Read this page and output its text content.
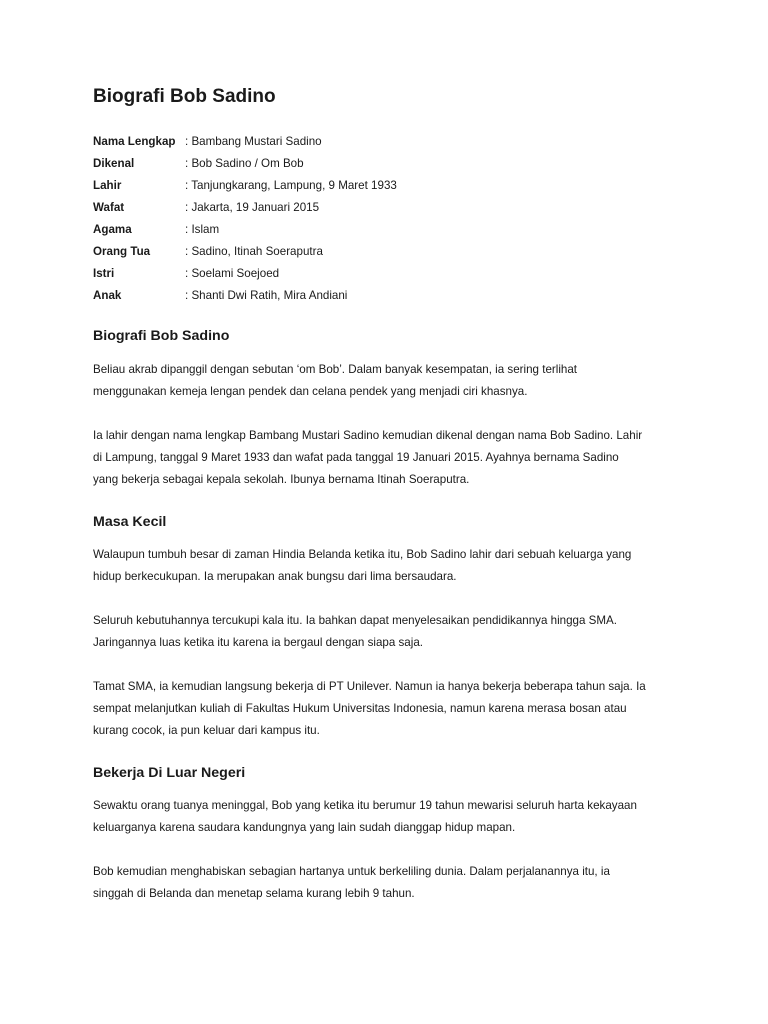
Biografi Bob Sadino
Nama Lengkap : Bambang Mustari Sadino
Dikenal	: Bob Sadino / Om Bob
Lahir	: Tanjungkarang, Lampung, 9 Maret 1933
Wafat	: Jakarta, 19 Januari 2015
Agama	: Islam
Orang Tua	: Sadino, Itinah Soeraputra
Istri	: Soelami Soejoed
Anak	: Shanti Dwi Ratih, Mira Andiani
Biografi Bob Sadino

Beliau akrab dipanggil dengan sebutan ‘om Bob’. Dalam banyak kesempatan, ia sering terlihat
menggunakan kemeja lengan pendek dan celana pendek yang menjadi ciri khasnya.

Ia lahir dengan nama lengkap Bambang Mustari Sadino kemudian dikenal dengan nama Bob Sadino. Lahir
di Lampung, tanggal 9 Maret 1933 dan wafat pada tanggal 19 Januari 2015. Ayahnya bernama Sadino
yang bekerja sebagai kepala sekolah. Ibunya bernama Itinah Soeraputra.

Masa Kecil

Walaupun tumbuh besar di zaman Hindia Belanda ketika itu, Bob Sadino lahir dari sebuah keluarga yang
hidup berkecukupan. Ia merupakan anak bungsu dari lima bersaudara.

Seluruh kebutuhannya tercukupi kala itu. Ia bahkan dapat menyelesaikan pendidikannya hingga SMA.
Jaringannya luas ketika itu karena ia bergaul dengan siapa saja.

Tamat SMA, ia kemudian langsung bekerja di PT Unilever. Namun ia hanya bekerja beberapa tahun saja. Ia
sempat melanjutkan kuliah di Fakultas Hukum Universitas Indonesia, namun karena merasa bosan atau
kurang cocok, ia pun keluar dari kampus itu.

Bekerja Di Luar Negeri

Sewaktu orang tuanya meninggal, Bob yang ketika itu berumur 19 tahun mewarisi seluruh harta kekayaan
keluarganya karena saudara kandungnya yang lain sudah dianggap hidup mapan.

Bob kemudian menghabiskan sebagian hartanya untuk berkeliling dunia. Dalam perjalanannya itu, ia
singgah di Belanda dan menetap selama kurang lebih 9 tahun.
